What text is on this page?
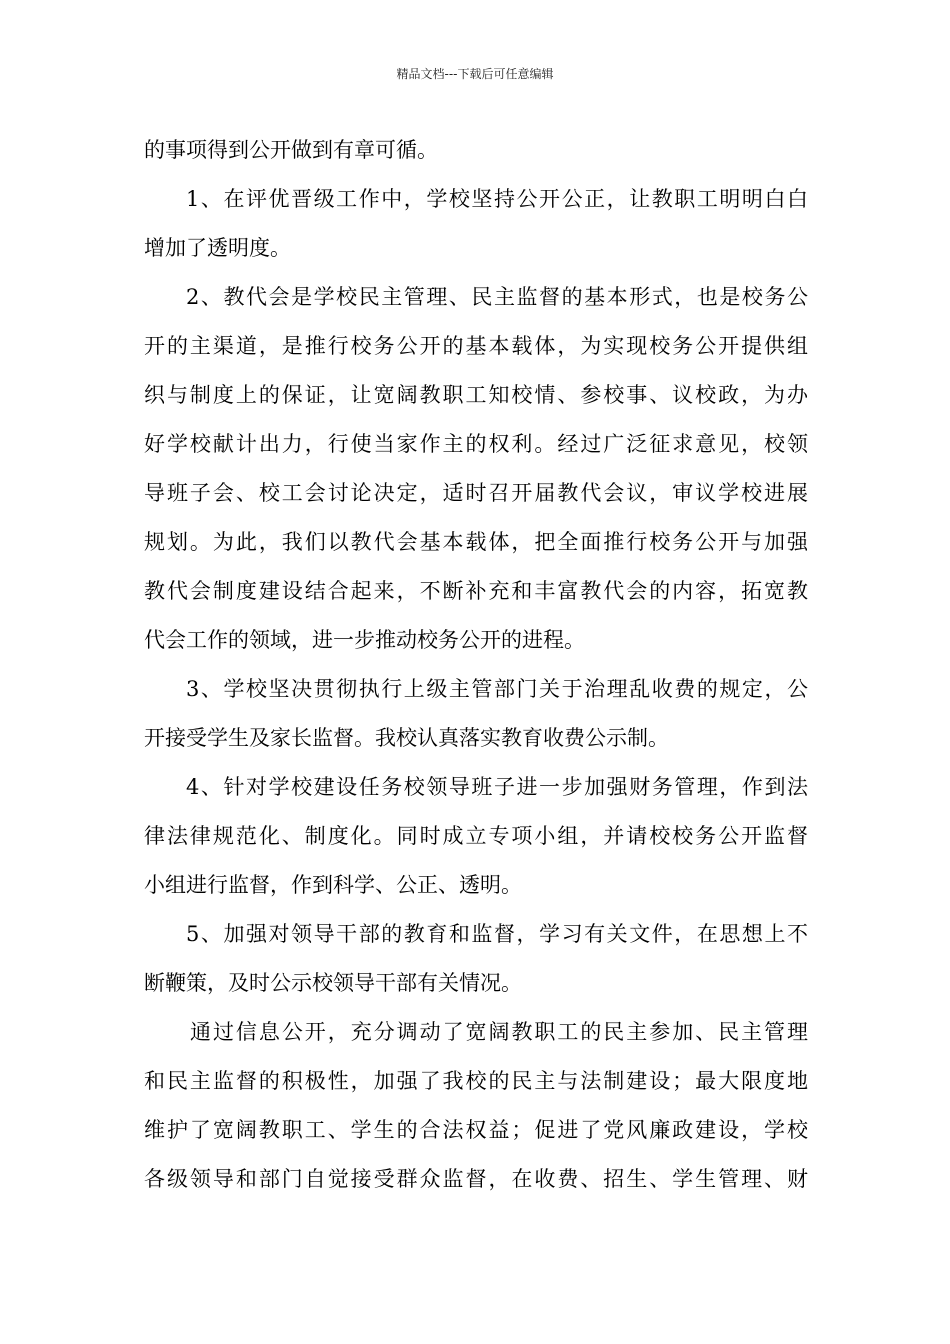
精品文档---下载后可任意编辑
的事项得到公开做到有章可循。
1、在评优晋级工作中，学校坚持公开公正，让教职工明明白白
增加了透明度。
2、教代会是学校民主管理、民主监督的基本形式，也是校务公
开的主渠道，是推行校务公开的基本载体，为实现校务公开提供组
织与制度上的保证，让宽阔教职工知校情、参校事、议校政，为办
好学校献计出力，行使当家作主的权利。经过广泛征求意见，校领
导班子会、校工会讨论决定，适时召开届教代会议，审议学校进展
规划。为此，我们以教代会基本载体，把全面推行校务公开与加强
教代会制度建设结合起来，不断补充和丰富教代会的内容，拓宽教
代会工作的领域，进一步推动校务公开的进程。
3、学校坚决贯彻执行上级主管部门关于治理乱收费的规定，公
开接受学生及家长监督。我校认真落实教育收费公示制。
4、针对学校建设任务校领导班子进一步加强财务管理，作到法
律法律规范化、制度化。同时成立专项小组，并请校校务公开监督
小组进行监督，作到科学、公正、透明。
5、加强对领导干部的教育和监督，学习有关文件，在思想上不
断鞭策，及时公示校领导干部有关情况。
通过信息公开，充分调动了宽阔教职工的民主参加、民主管理
和民主监督的积极性，加强了我校的民主与法制建设；最大限度地
维护了宽阔教职工、学生的合法权益；促进了党风廉政建设，学校
各级领导和部门自觉接受群众监督，在收费、招生、学生管理、财
